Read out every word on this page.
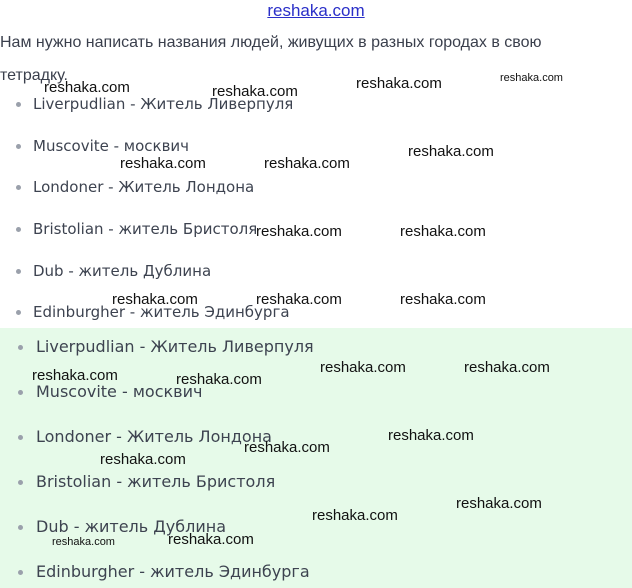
reshaka.com

Нам нужно написать названия людей, живущих в разных городах в свою тетрадку.

Liverpudlian - Житель Ливерпуля
Muscovite - москвич
Londoner - Житель Лондона
Bristolian - житель Бристоля
Dub - житель Дублина
Edinburgher - житель Эдинбурга
Liverpudlian - Житель Ливерпуля
Muscovite - москвич
Londoner - Житель Лондона
Bristolian - житель Бристоля
Dub - житель Дублина
Edinburgher - житель Эдинбурга
reshaka.com	reshaka.com	reshaka.com	reshaka.com
reshaka.com	reshaka.com
reshaka.com
reshaka.com	reshaka.com
reshaka.com	reshaka.com	reshaka.com
reshaka.com	reshaka.com
reshaka.com	reshaka.com
reshaka.com
reshaka.com
reshaka.com
reshaka.com
reshaka.com
reshaka.com	reshaka.com
